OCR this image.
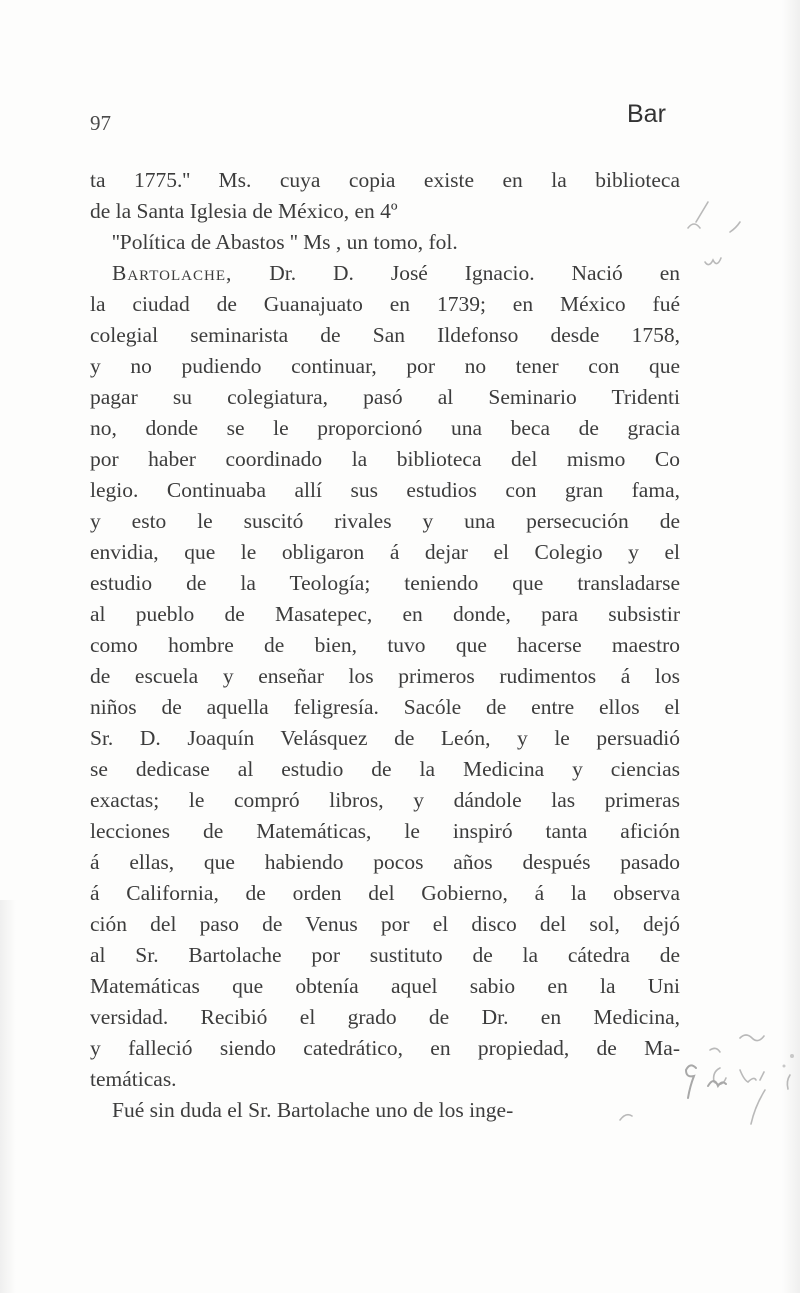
97	Bar
ta 1775.'' Ms. cuya copia existe en la biblioteca
de la Santa Iglesia de México, en 4º
''Política de Abastos '' Ms , un tomo, fol.
Bartolache, Dr. D. José Ignacio. Nació en
la ciudad de Guanajuato en 1739; en México fué
colegial seminarista de San Ildefonso desde 1758,
y no pudiendo continuar, por no tener con que
pagar su colegiatura, pasó al Seminario Tridenti
no, donde se le proporcionó una beca de gracia
por haber coordinado la biblioteca del mismo Co
legio. Continuaba allí sus estudios con gran fama,
y esto le suscitó rivales y una persecución de
envidia, que le obligaron á dejar el Colegio y el
estudio de la Teología; teniendo que transladarse
al pueblo de Masatepec, en donde, para subsistir
como hombre de bien, tuvo que hacerse maestro
de escuela y enseñar los primeros rudimentos á los
niños de aquella feligresía. Sacóle de entre ellos el
Sr. D. Joaquín Velásquez de León, y le persuadió
se dedicase al estudio de la Medicina y ciencias
exactas; le compró libros, y dándole las primeras
lecciones de Matemáticas, le inspiró tanta afición
á ellas, que habiendo pocos años después pasado
á California, de orden del Gobierno, á la observa
ción del paso de Venus por el disco del sol, dejó
al Sr. Bartolache por sustituto de la cátedra de
Matemáticas que obtenía aquel sabio en la Uni
versidad. Recibió el grado de Dr. en Medicina,
y falleció siendo catedrático, en propiedad, de Ma-
temáticas.
Fué sin duda el Sr. Bartolache uno de los inge-
